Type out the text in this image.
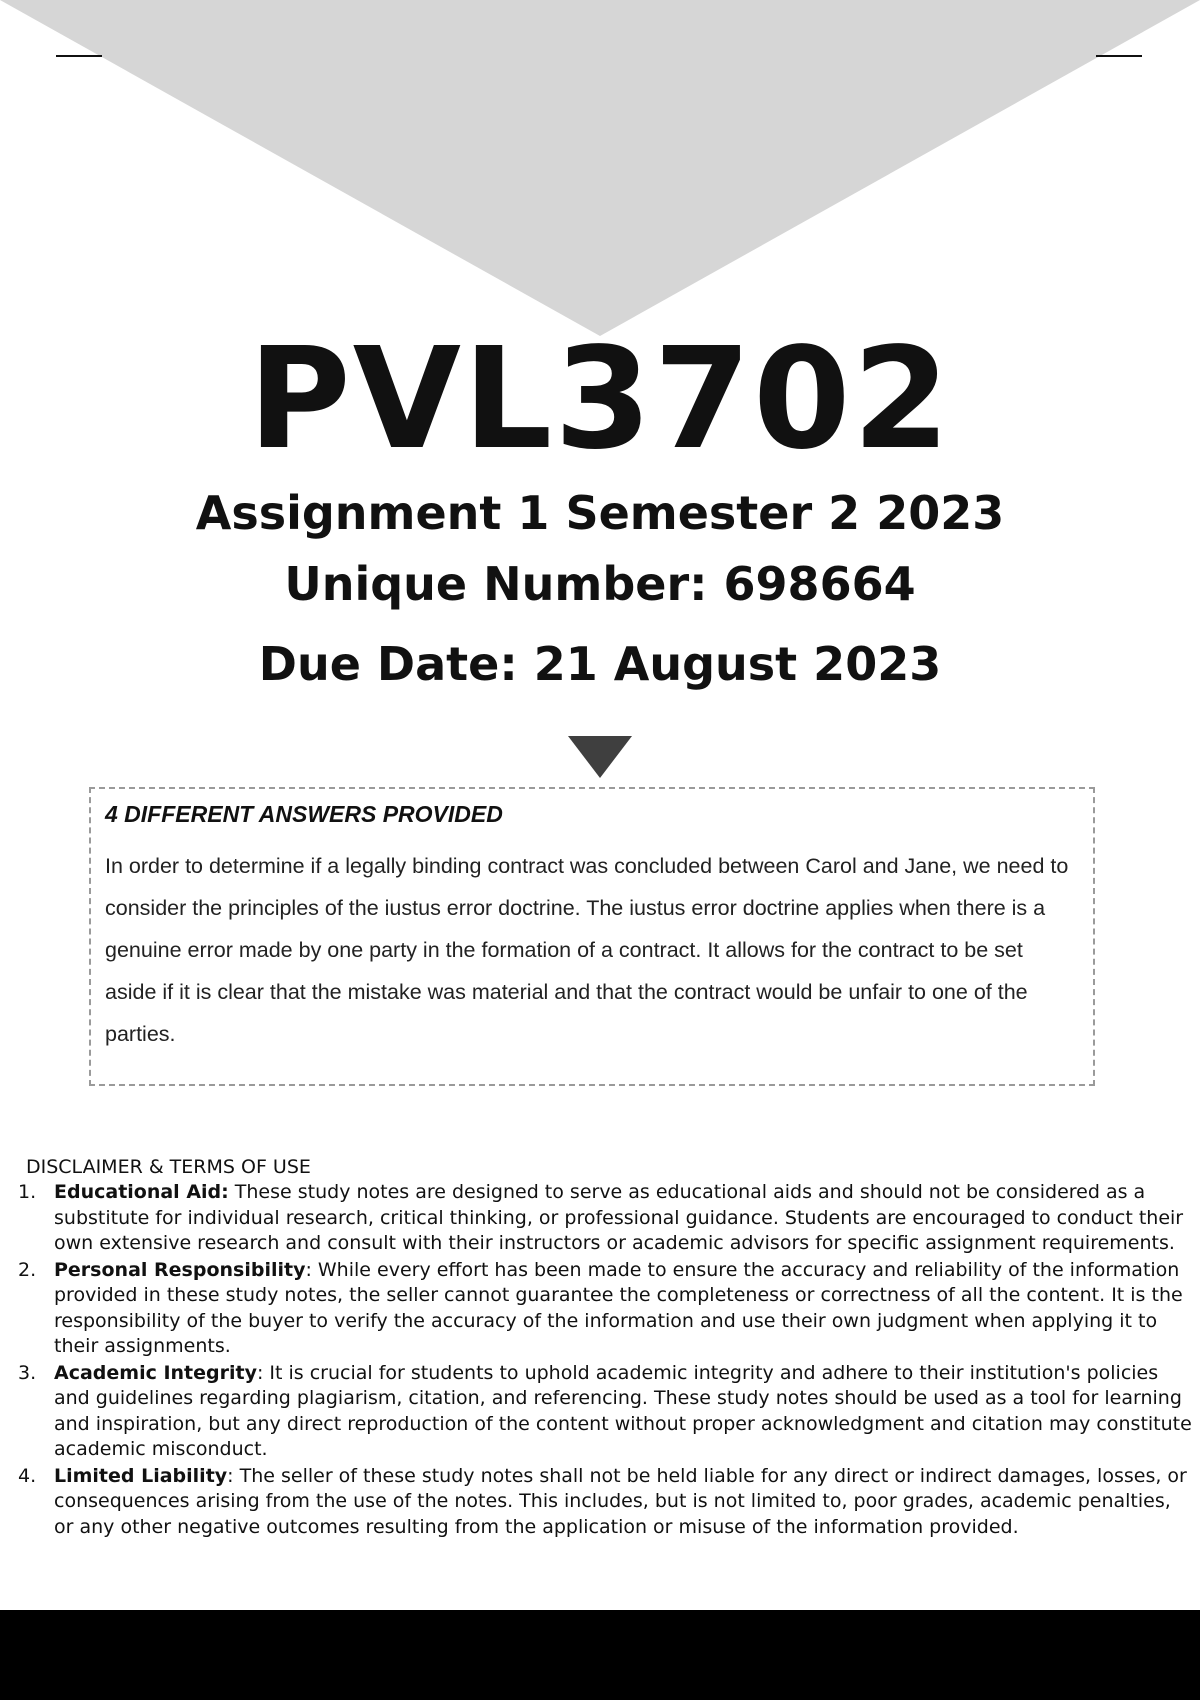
PVL3702
Assignment 1 Semester 2 2023
Unique Number: 698664
Due Date: 21 August 2023

4 DIFFERENT ANSWERS PROVIDED

In order to determine if a legally binding contract was concluded between Carol and Jane, we need to consider the principles of the iustus error doctrine. The iustus error doctrine applies when there is a genuine error made by one party in the formation of a contract. It allows for the contract to be set aside if it is clear that the mistake was material and that the contract would be unfair to one of the parties.

DISCLAIMER & TERMS OF USE

1. Educational Aid: These study notes are designed to serve as educational aids and should not be considered as a substitute for individual research, critical thinking, or professional guidance. Students are encouraged to conduct their own extensive research and consult with their instructors or academic advisors for specific assignment requirements.
2. Personal Responsibility: While every effort has been made to ensure the accuracy and reliability of the information provided in these study notes, the seller cannot guarantee the completeness or correctness of all the content. It is the responsibility of the buyer to verify the accuracy of the information and use their own judgment when applying it to their assignments.
3. Academic Integrity: It is crucial for students to uphold academic integrity and adhere to their institution's policies and guidelines regarding plagiarism, citation, and referencing. These study notes should be used as a tool for learning and inspiration, but any direct reproduction of the content without proper acknowledgment and citation may constitute academic misconduct.
4. Limited Liability: The seller of these study notes shall not be held liable for any direct or indirect damages, losses, or consequences arising from the use of the notes. This includes, but is not limited to, poor grades, academic penalties, or any other negative outcomes resulting from the application or misuse of the information provided.
